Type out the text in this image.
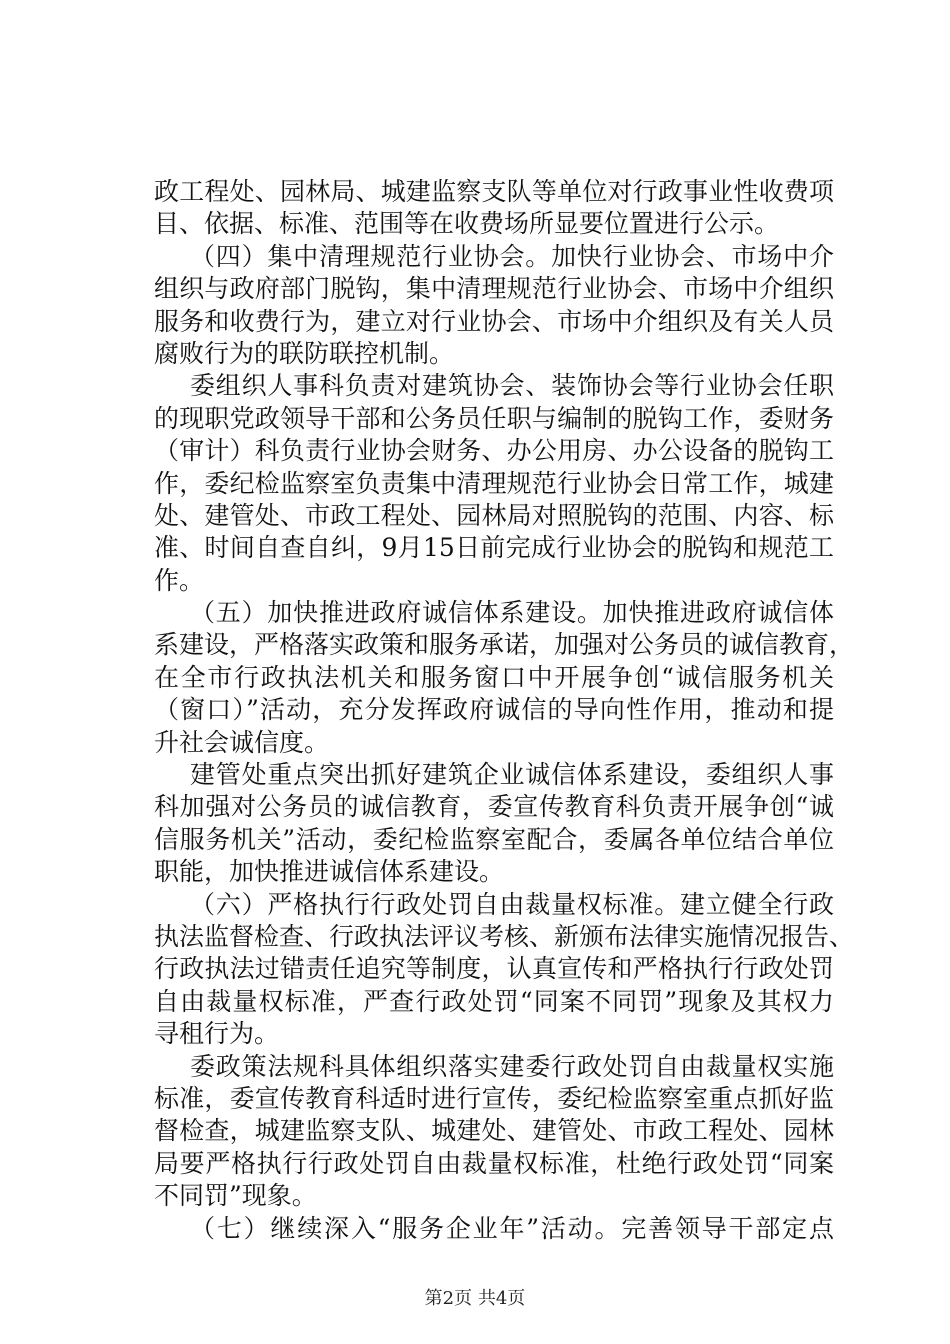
政工程处、园林局、城建监察支队等单位对行政事业性收费项
目、依据、标准、范围等在收费场所显要位置进行公示。
（四）集中清理规范行业协会。加快行业协会、市场中介
组织与政府部门脱钩，集中清理规范行业协会、市场中介组织
服务和收费行为，建立对行业协会、市场中介组织及有关人员
腐败行为的联防联控机制。
委组织人事科负责对建筑协会、装饰协会等行业协会任职
的现职党政领导干部和公务员任职与编制的脱钩工作，委财务
（审计）科负责行业协会财务、办公用房、办公设备的脱钩工
作，委纪检监察室负责集中清理规范行业协会日常工作，城建
处、建管处、市政工程处、园林局对照脱钩的范围、内容、标
准、时间自查自纠，9月15日前完成行业协会的脱钩和规范工
作。
（五）加快推进政府诚信体系建设。加快推进政府诚信体
系建设，严格落实政策和服务承诺，加强对公务员的诚信教育，
在全市行政执法机关和服务窗口中开展争创“诚信服务机关
（窗口）”活动，充分发挥政府诚信的导向性作用，推动和提
升社会诚信度。
建管处重点突出抓好建筑企业诚信体系建设，委组织人事
科加强对公务员的诚信教育，委宣传教育科负责开展争创“诚
信服务机关”活动，委纪检监察室配合，委属各单位结合单位
职能，加快推进诚信体系建设。
（六）严格执行行政处罚自由裁量权标准。建立健全行政
执法监督检查、行政执法评议考核、新颁布法律实施情况报告、
行政执法过错责任追究等制度，认真宣传和严格执行行政处罚
自由裁量权标准，严查行政处罚“同案不同罚”现象及其权力
寻租行为。
委政策法规科具体组织落实建委行政处罚自由裁量权实施
标准，委宣传教育科适时进行宣传，委纪检监察室重点抓好监
督检查，城建监察支队、城建处、建管处、市政工程处、园林
局要严格执行行政处罚自由裁量权标准，杜绝行政处罚“同案
不同罚”现象。
（七）继续深入“服务企业年”活动。完善领导干部定点
第2页 共4页
